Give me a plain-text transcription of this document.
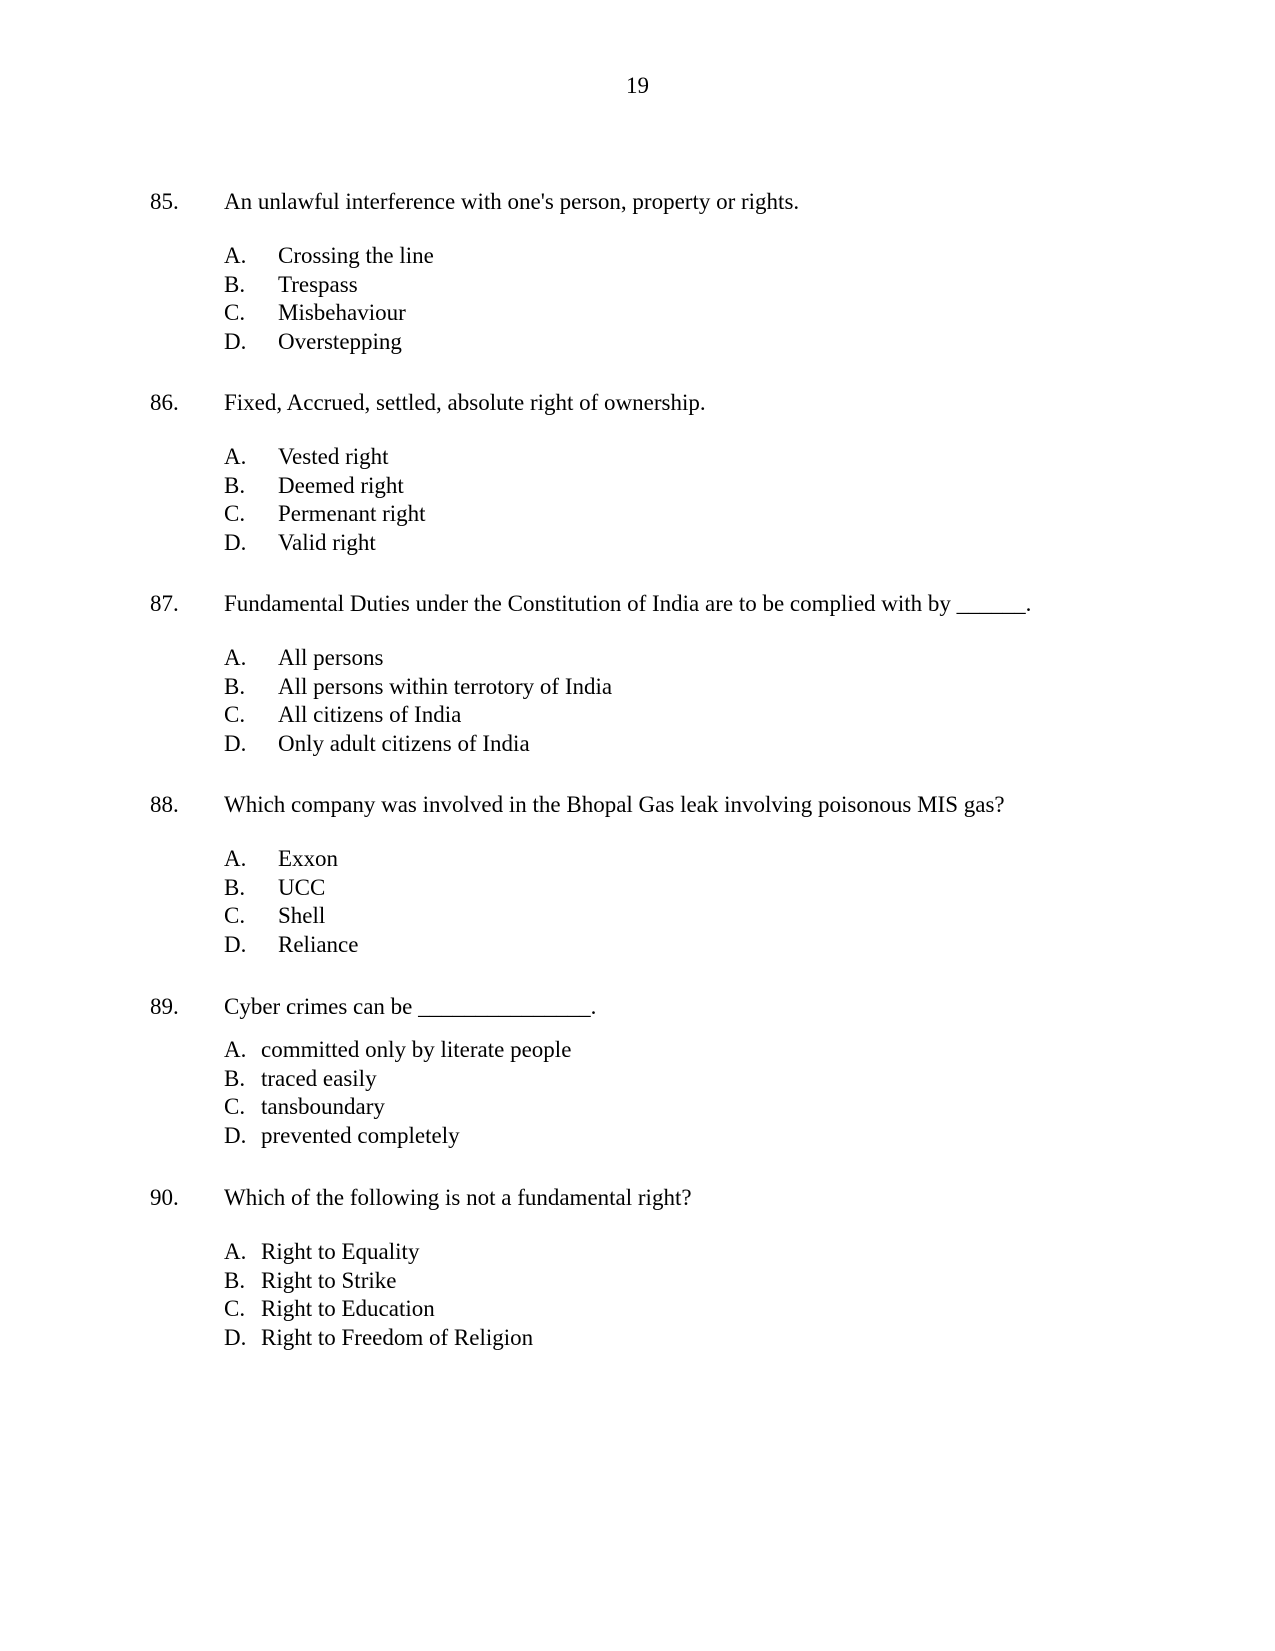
19
85. An unlawful interference with one's person, property or rights.
A. Crossing the line
B. Trespass
C. Misbehaviour
D. Overstepping
86. Fixed, Accrued, settled, absolute right of ownership.
A. Vested right
B. Deemed right
C. Permenant right
D. Valid right
87. Fundamental Duties under the Constitution of India are to be complied with by ______.
A. All persons
B. All persons within terrotory of India
C. All citizens of India
D. Only adult citizens of India
88. Which company was involved in the Bhopal Gas leak involving poisonous MIS gas?
A. Exxon
B. UCC
C. Shell
D. Reliance
89. Cyber crimes can be _______________.
A. committed only by literate people
B. traced easily
C. tansboundary
D. prevented completely
90. Which of the following is not a fundamental right?
A. Right to Equality
B. Right to Strike
C. Right to Education
D. Right to Freedom of Religion
